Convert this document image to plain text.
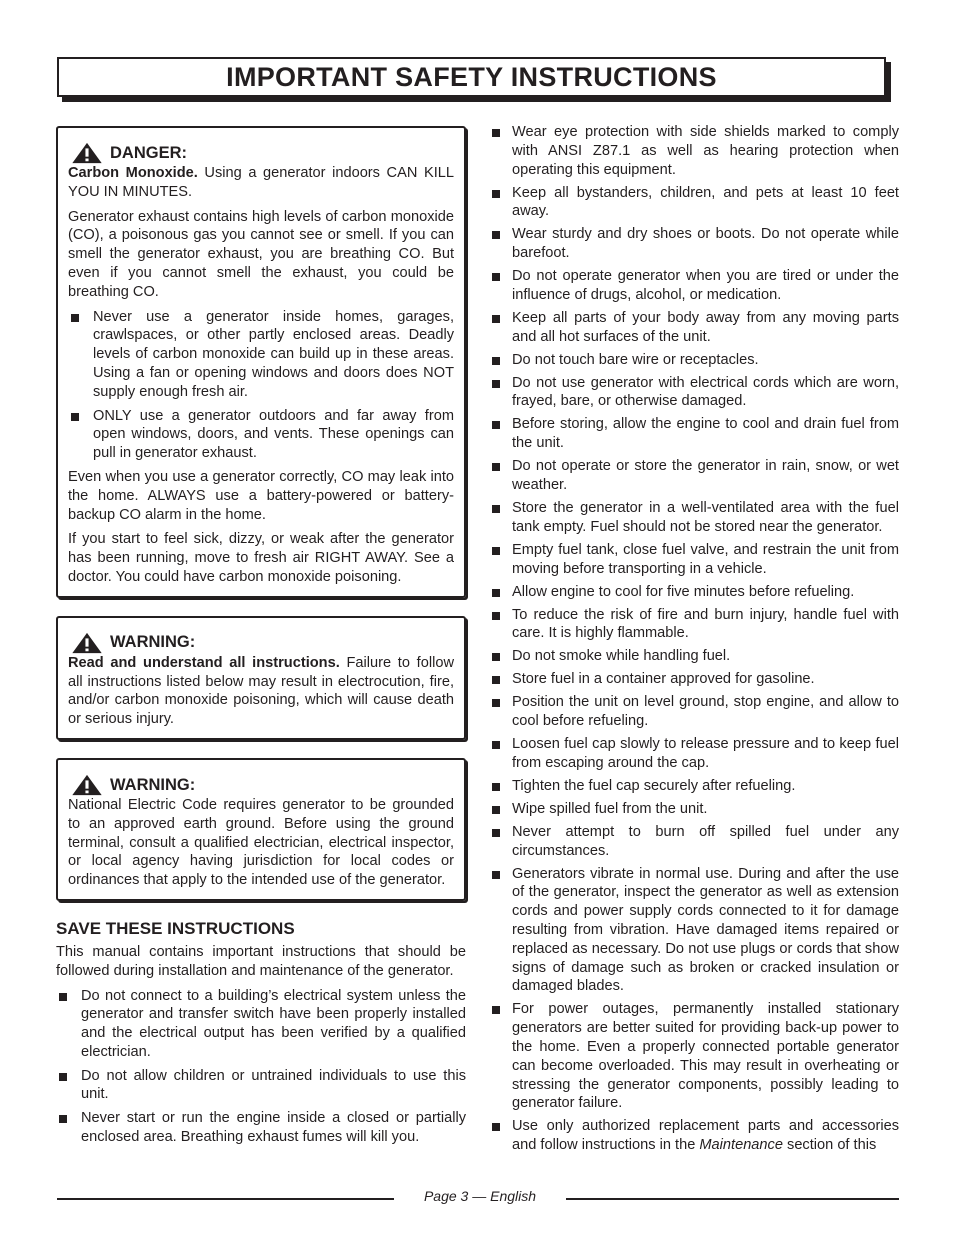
IMPORTANT SAFETY INSTRUCTIONS
DANGER:

Carbon Monoxide. Using a generator indoors CAN KILL YOU IN MINUTES.

Generator exhaust contains high levels of carbon monoxide (CO), a poisonous gas you cannot see or smell. If you can smell the generator exhaust, you are breathing CO. But even if you cannot smell the exhaust, you could be breathing CO.

Never use a generator inside homes, garages, crawlspaces, or other partly enclosed areas. Deadly levels of carbon monoxide can build up in these areas. Using a fan or opening windows and doors does NOT supply enough fresh air.
ONLY use a generator outdoors and far away from open windows, doors, and vents. These openings can pull in generator exhaust.

Even when you use a generator correctly, CO may leak into the home. ALWAYS use a battery-powered or battery-backup CO alarm in the home.

If you start to feel sick, dizzy, or weak after the generator has been running, move to fresh air RIGHT AWAY. See a doctor. You could have carbon monoxide poisoning.

WARNING:

Read and understand all instructions. Failure to follow all instructions listed below may result in electrocution, fire, and/or carbon monoxide poisoning, which will cause death or serious injury.

WARNING:

National Electric Code requires generator to be grounded to an approved earth ground. Before using the ground terminal, consult a qualified electrician, electrical inspector, or local agency having jurisdiction for local codes or ordinances that apply to the intended use of the generator.

SAVE THESE INSTRUCTIONS

This manual contains important instructions that should be followed during installation and maintenance of the generator.

Do not connect to a building’s electrical system unless the generator and transfer switch have been properly installed and the electrical output has been verified by a qualified electrician.
Do not allow children or untrained individuals to use this unit.
Never start or run the engine inside a closed or partially enclosed area. Breathing exhaust fumes will kill you.
Wear eye protection with side shields marked to comply with ANSI Z87.1 as well as hearing protection when operating this equipment.
Keep all bystanders, children, and pets at least 10 feet away.
Wear sturdy and dry shoes or boots. Do not operate while barefoot.
Do not operate generator when you are tired or under the influence of drugs, alcohol, or medication.
Keep all parts of your body away from any moving parts and all hot surfaces of the unit.
Do not touch bare wire or receptacles.
Do not use generator with electrical cords which are worn, frayed, bare, or otherwise damaged.
Before storing, allow the engine to cool and drain fuel from the unit.
Do not operate or store the generator in rain, snow, or wet weather.
Store the generator in a well-ventilated area with the fuel tank empty. Fuel should not be stored near the generator.
Empty fuel tank, close fuel valve, and restrain the unit from moving before transporting in a vehicle.
Allow engine to cool for five minutes before refueling.
To reduce the risk of fire and burn injury, handle fuel with care. It is highly flammable.
Do not smoke while handling fuel.
Store fuel in a container approved for gasoline.
Position the unit on level ground, stop engine, and allow to cool before refueling.
Loosen fuel cap slowly to release pressure and to keep fuel from escaping around the cap.
Tighten the fuel cap securely after refueling.
Wipe spilled fuel from the unit.
Never attempt to burn off spilled fuel under any circumstances.
Generators vibrate in normal use. During and after the use of the generator, inspect the generator as well as extension cords and power supply cords connected to it for damage resulting from vibration. Have damaged items repaired or replaced as necessary. Do not use plugs or cords that show signs of damage such as broken or cracked insulation or damaged blades.
For power outages, permanently installed stationary generators are better suited for providing back-up power to the home. Even a properly connected portable generator can become overloaded. This may result in overheating or stressing the generator components, possibly leading to generator failure.
Use only authorized replacement parts and accessories and follow instructions in the Maintenance section of this
Page 3 — English
